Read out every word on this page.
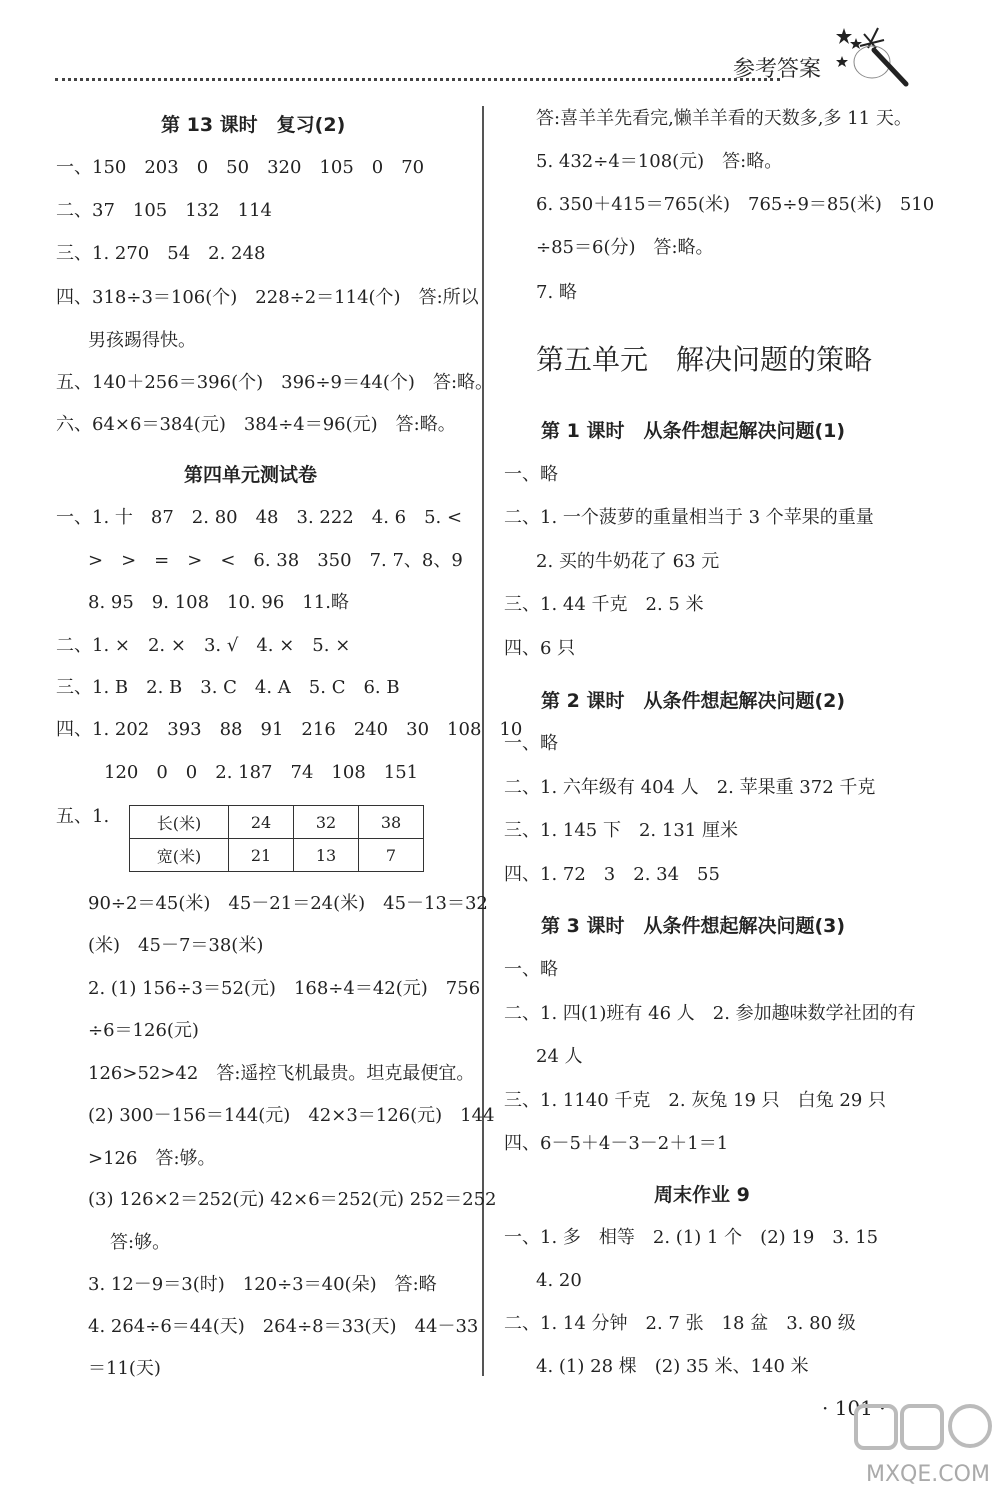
参考答案
第 13 课时　复习(2)
一、150　203　0　50　320　105　0　70
二、37　105　132　114
三、1. 270　54　2. 248
四、318÷3＝106(个)　228÷2＝114(个)　答:所以
男孩踢得快。
五、140＋256＝396(个)　396÷9＝44(个)　答:略。
六、64×6＝384(元)　384÷4＝96(元)　答:略。
第四单元测试卷
一、1. 十　87　2. 80　48　3. 222　4. 6　5. <
>　>　=　>　<　6. 38　350　7. 7、8、9
8. 95　9. 108　10. 96　11.略
二、1. ×　2. ×　3. √　4. ×　5. ×
三、1. B　2. B　3. C　4. A　5. C　6. B
四、1. 202　393　88　91　216　240　30　108　10
120　0　0　2. 187　74　108　151
五、1.	长(米)	24	32	38
宽(米)	21	13	7
90÷2＝45(米)　45－21＝24(米)　45－13＝32
(米)　45－7＝38(米)
2. (1) 156÷3＝52(元)　168÷4＝42(元)　756
÷6＝126(元)
126>52>42　答:遥控飞机最贵。坦克最便宜。
(2) 300－156＝144(元)　42×3＝126(元)　144
>126　答:够。
(3) 126×2＝252(元) 42×6＝252(元) 252＝252
答:够。
3. 12－9＝3(时)　120÷3＝40(朵)　答:略
4. 264÷6＝44(天)　264÷8＝33(天)　44－33
＝11(天)
答:喜羊羊先看完,懒羊羊看的天数多,多 11 天。
5. 432÷4＝108(元)　答:略。
6. 350＋415＝765(米)　765÷9＝85(米)　510
÷85＝6(分)　答:略。
7. 略
第五单元　解决问题的策略
第 1 课时　从条件想起解决问题(1)
一、略
二、1. 一个菠萝的重量相当于 3 个苹果的重量
2. 买的牛奶花了 63 元
三、1. 44 千克　2. 5 米
四、6 只
第 2 课时　从条件想起解决问题(2)
一、略
二、1. 六年级有 404 人　2. 苹果重 372 千克
三、1. 145 下　2. 131 厘米
四、1. 72　3　2. 34　55
第 3 课时　从条件想起解决问题(3)
一、略
二、1. 四(1)班有 46 人　2. 参加趣味数学社团的有
24 人
三、1. 1140 千克　2. 灰兔 19 只　白兔 29 只
四、6－5＋4－3－2＋1＝1
周末作业 9
一、1. 多　相等　2. (1) 1 个　(2) 19　3. 15
4. 20
二、1. 14 分钟　2. 7 张　18 盆　3. 80 级
4. (1) 28 棵　(2) 35 米、140 米
· 101 ·
MXQE.COM
